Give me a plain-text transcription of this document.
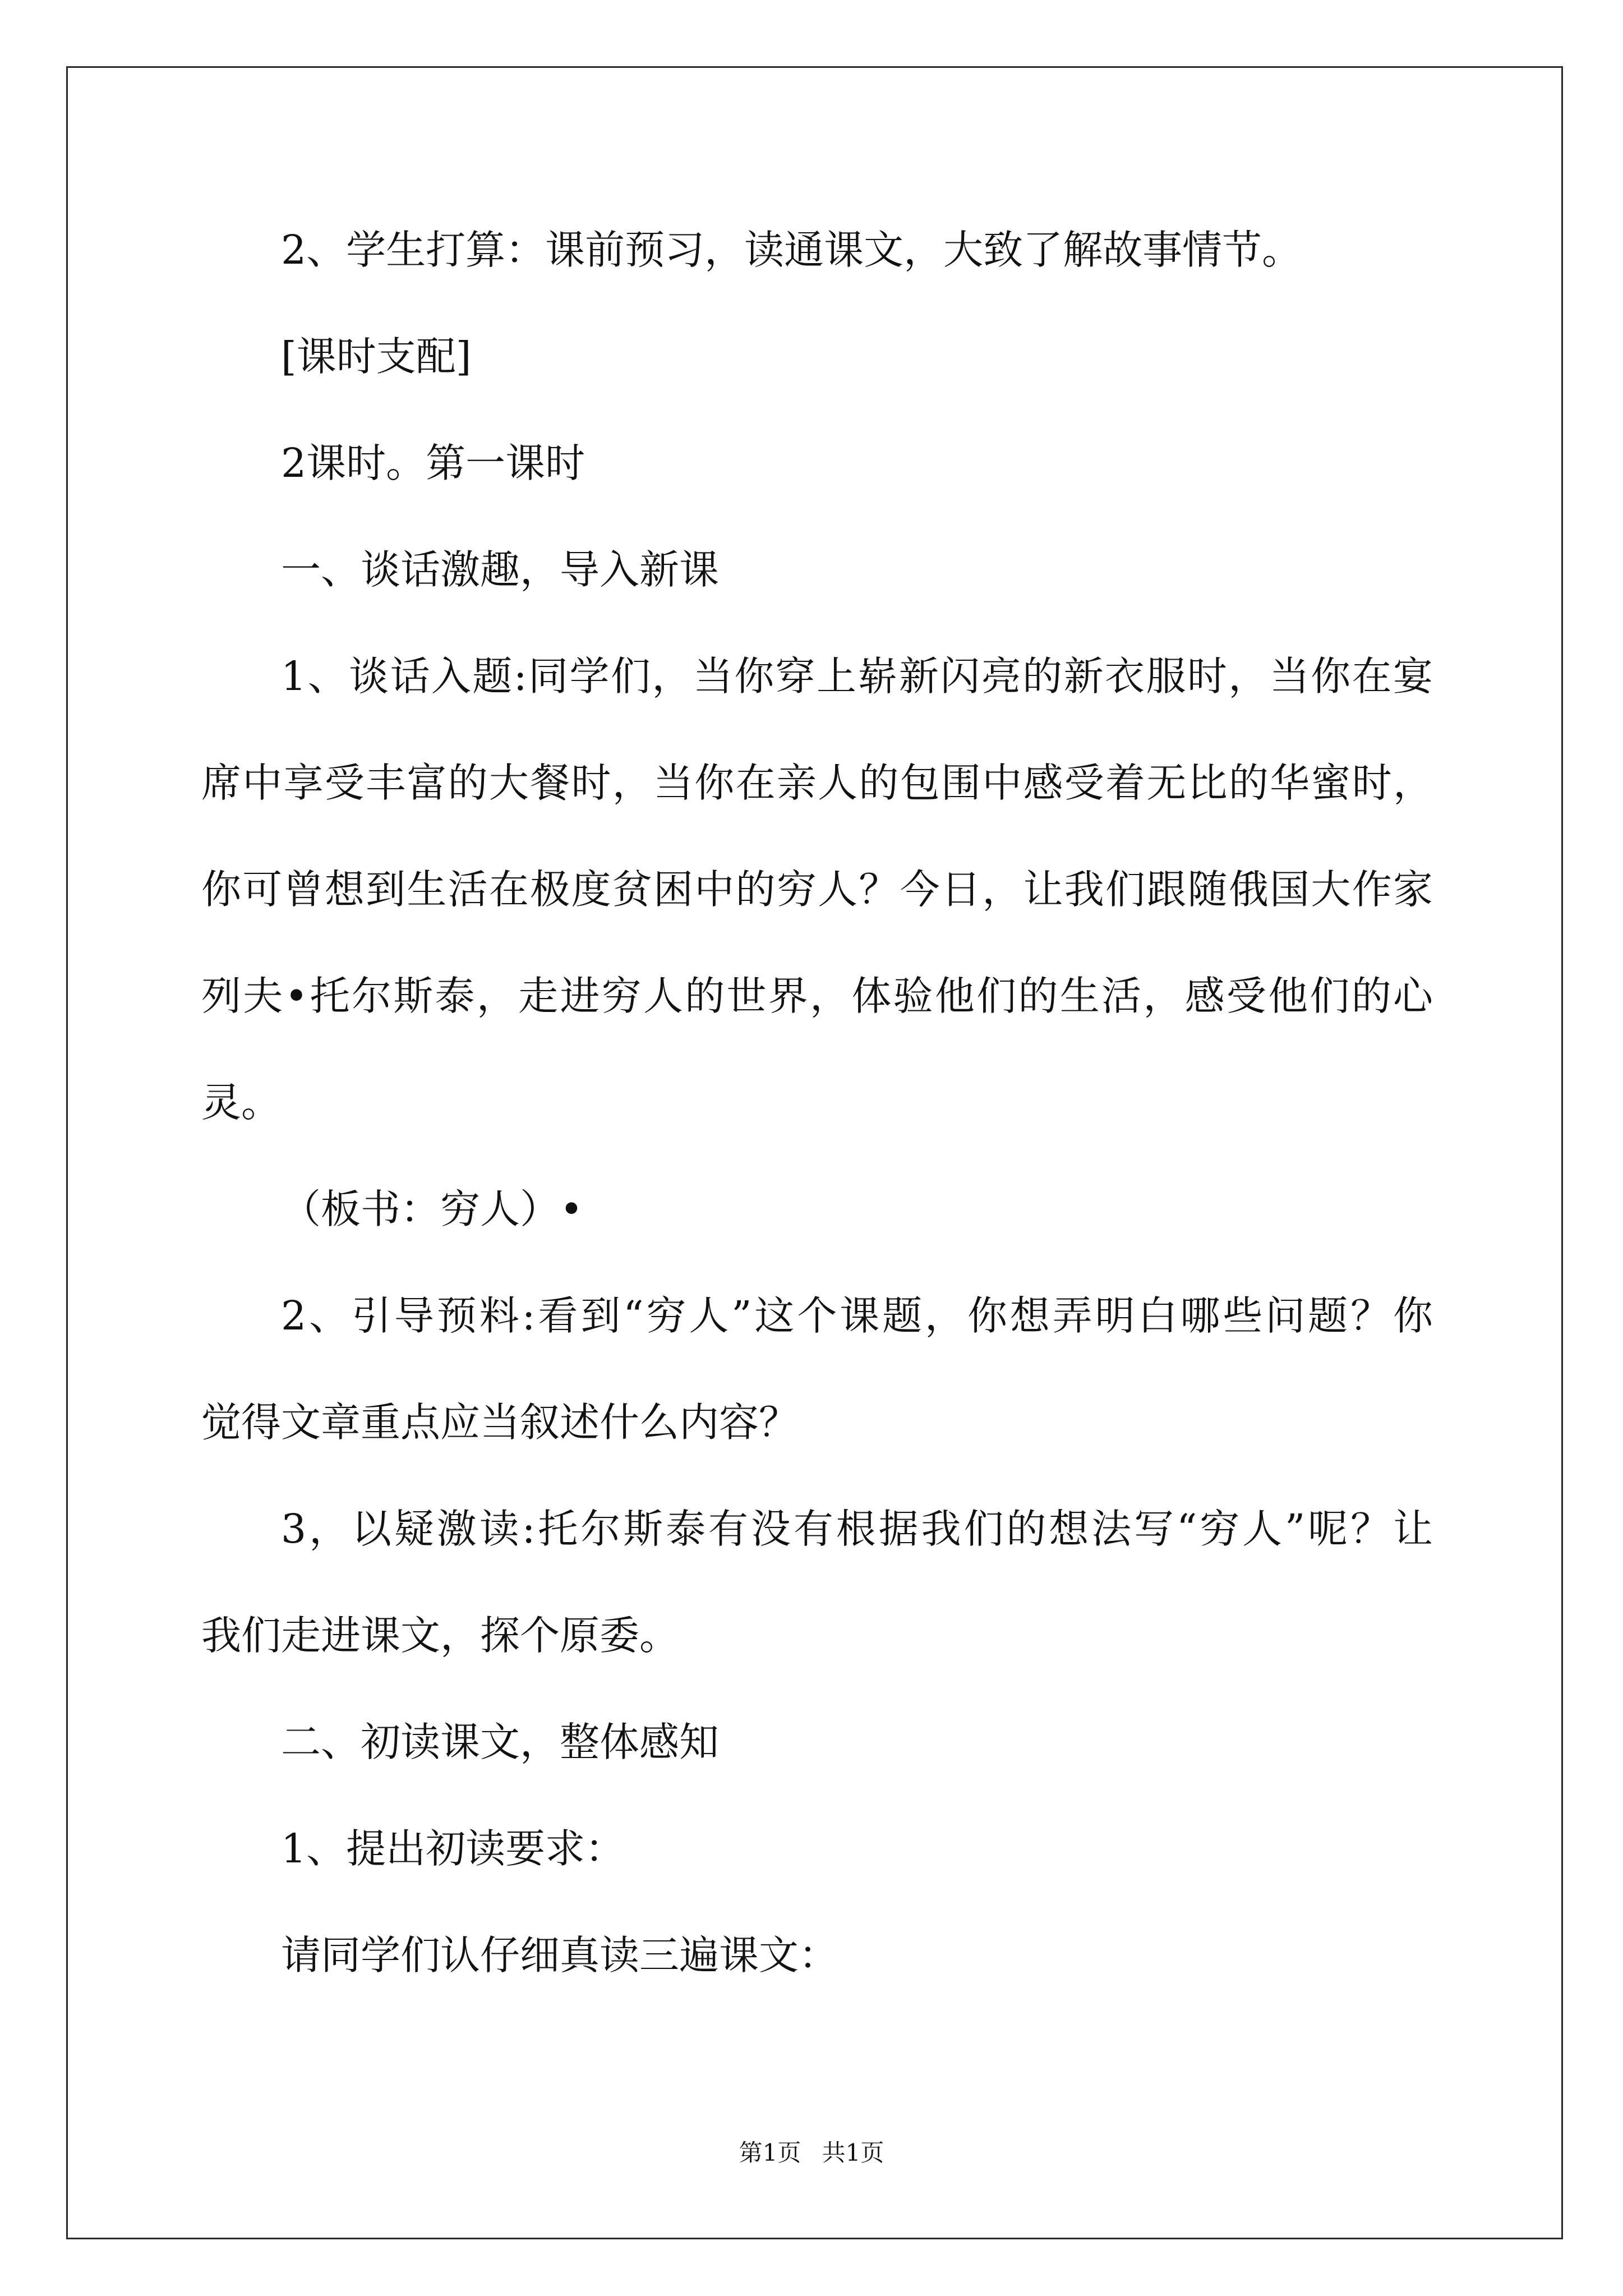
2、学生打算：课前预习，读通课文，大致了解故事情节。
[课时支配]
2课时。第一课时
一、谈话激趣，导入新课
1、谈话入题:同学们，当你穿上崭新闪亮的新衣服时，当你在宴
席中享受丰富的大餐时，当你在亲人的包围中感受着无比的华蜜时，
你可曾想到生活在极度贫困中的穷人？今日，让我们跟随俄国大作家
列夫•托尔斯泰，走进穷人的世界，体验他们的生活，感受他们的心
灵。
（板书：穷人）•
2、引导预料:看到“穷人”这个课题，你想弄明白哪些问题？你
觉得文章重点应当叙述什么内容？
3，以疑激读:托尔斯泰有没有根据我们的想法写“穷人”呢？让
我们走进课文，探个原委。
二、初读课文，整体感知
1、提出初读要求：
请同学们认仔细真读三遍课文：
第1页 共1页
